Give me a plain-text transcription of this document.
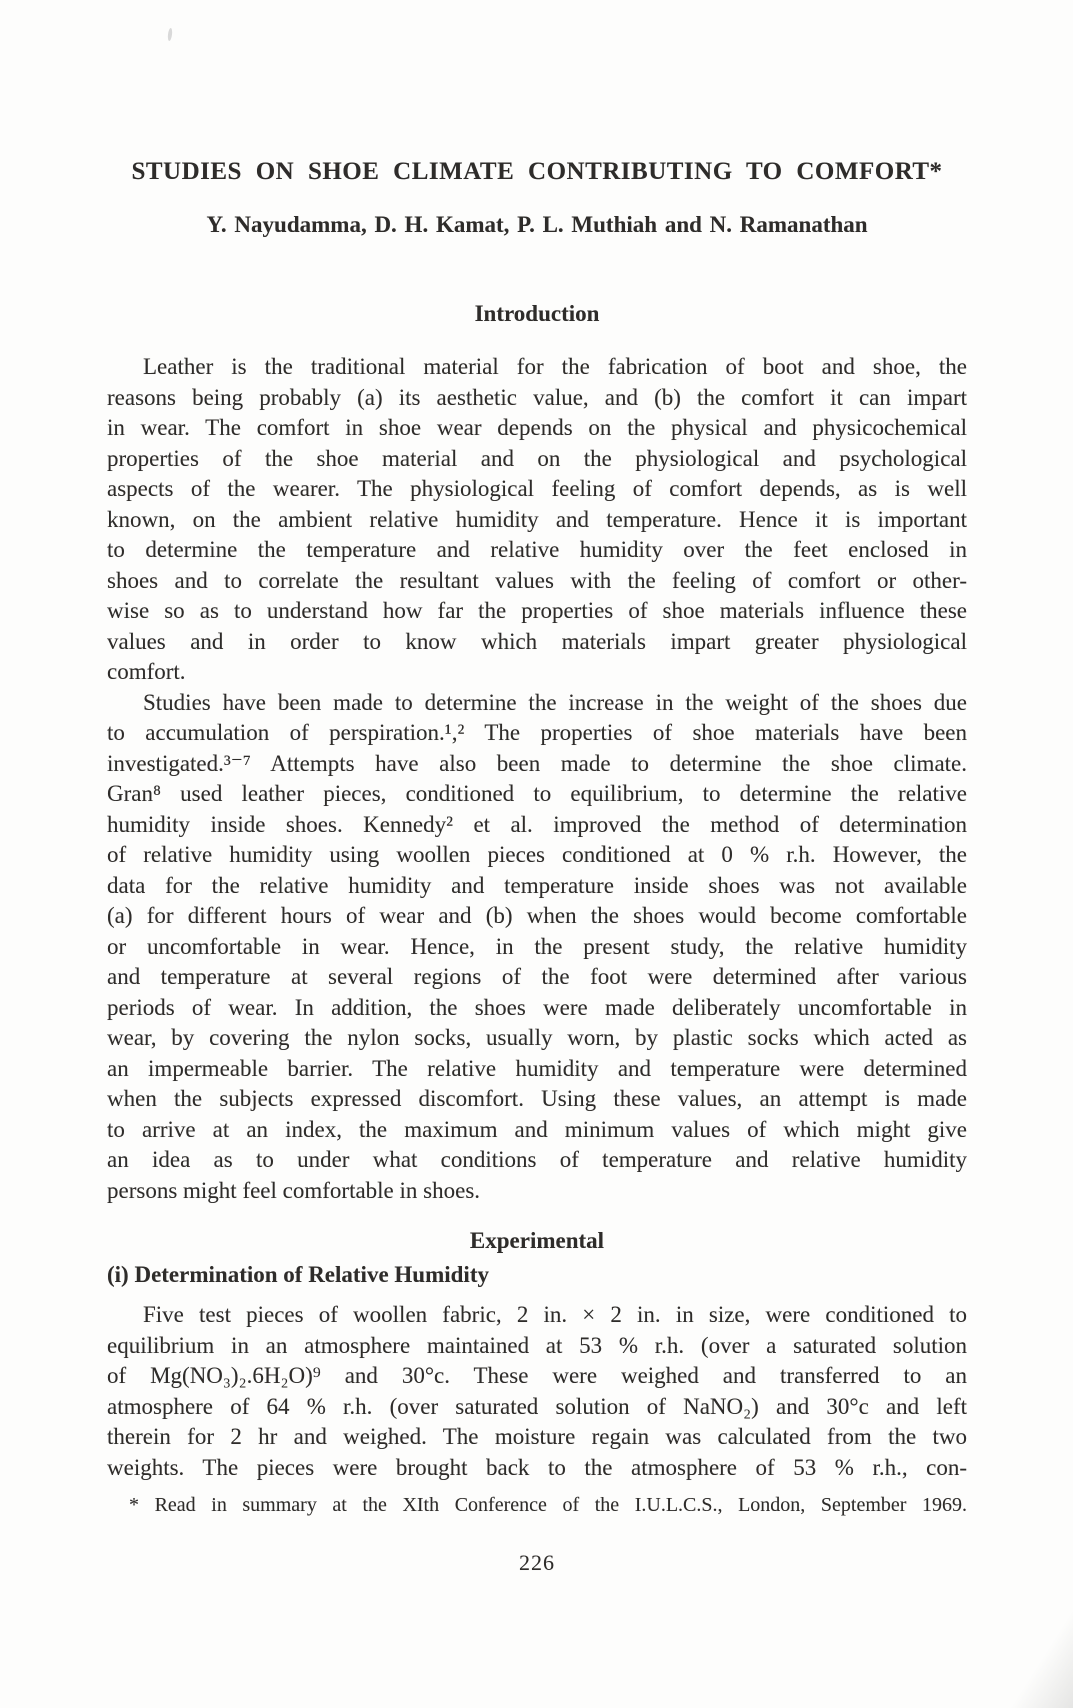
STUDIES ON SHOE CLIMATE CONTRIBUTING TO COMFORT*
Y. Nayudamma, D. H. Kamat, P. L. Muthiah and N. Ramanathan
Introduction
Leather is the traditional material for the fabrication of boot and shoe, the
reasons being probably (a) its aesthetic value, and (b) the comfort it can impart
in wear. The comfort in shoe wear depends on the physical and physicochemical
properties of the shoe material and on the physiological and psychological
aspects of the wearer. The physiological feeling of comfort depends, as is well
known, on the ambient relative humidity and temperature. Hence it is important
to determine the temperature and relative humidity over the feet enclosed in
shoes and to correlate the resultant values with the feeling of comfort or other-
wise so as to understand how far the properties of shoe materials influence these
values and in order to know which materials impart greater physiological
comfort.
Studies have been made to determine the increase in the weight of the shoes due
to accumulation of perspiration.¹,² The properties of shoe materials have been
investigated.³⁻⁷ Attempts have also been made to determine the shoe climate.
Gran⁸ used leather pieces, conditioned to equilibrium, to determine the relative
humidity inside shoes. Kennedy² et al. improved the method of determination
of relative humidity using woollen pieces conditioned at 0 % r.h. However, the
data for the relative humidity and temperature inside shoes was not available
(a) for different hours of wear and (b) when the shoes would become comfortable
or uncomfortable in wear. Hence, in the present study, the relative humidity
and temperature at several regions of the foot were determined after various
periods of wear. In addition, the shoes were made deliberately uncomfortable in
wear, by covering the nylon socks, usually worn, by plastic socks which acted as
an impermeable barrier. The relative humidity and temperature were determined
when the subjects expressed discomfort. Using these values, an attempt is made
to arrive at an index, the maximum and minimum values of which might give
an idea as to under what conditions of temperature and relative humidity
persons might feel comfortable in shoes.
Experimental
(i) Determination of Relative Humidity
Five test pieces of woollen fabric, 2 in. × 2 in. in size, were conditioned to
equilibrium in an atmosphere maintained at 53 % r.h. (over a saturated solution
of Mg(NO₃)₂.6H₂O)⁹ and 30°c. These were weighed and transferred to an
atmosphere of 64 % r.h. (over saturated solution of NaNO₂) and 30°c and left
therein for 2 hr and weighed. The moisture regain was calculated from the two
weights. The pieces were brought back to the atmosphere of 53 % r.h., con-
* Read in summary at the XIth Conference of the I.U.L.C.S., London, September 1969.
226
